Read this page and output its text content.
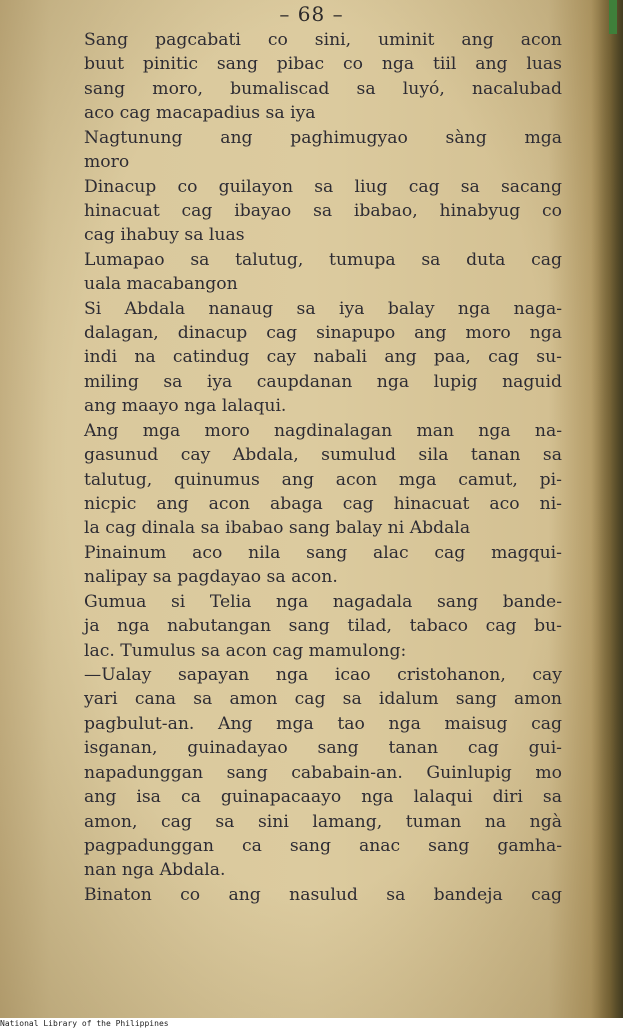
– 68 –
Sang pagcabati co sini, uminit ang acon
buut pinitic sang pibac co nga tiil ang luas
sang moro, bumaliscad sa luyó, nacalubad
aco cag macapadius sa iya
Nagtunung ang paghimugyao sàng mga
moro
Dinacup co guilayon sa liug cag sa sacang
hinacuat cag ibayao sa ibabao, hinabyug co
cag ihabuy sa luas
Lumapao sa talutug, tumupa sa duta cag
uala macabangon
Si Abdala nanaug sa iya balay nga naga-
dalagan, dinacup cag sinapupo ang moro nga
indi na catindug cay nabali ang paa, cag su-
miling sa iya caupdanan nga lupig naguid
ang maayo nga lalaqui.
Ang mga moro nagdinalagan man nga na-
gasunud cay Abdala, sumulud sila tanan sa
talutug, quinumus ang acon mga camut, pi-
nicpic ang acon abaga cag hinacuat aco ni-
la cag dinala sa ibabao sang balay ni Abdala
Pinainum aco nila sang alac cag magqui-
nalipay sa pagdayao sa acon.
Gumua si Telia nga nagadala sang bande-
ja nga nabutangan sang tilad, tabaco cag bu-
lac. Tumulus sa acon cag mamulong:
—Ualay sapayan nga icao cristohanon, cay
yari cana sa amon cag sa idalum sang amon
pagbulut-an. Ang mga tao nga maisug cag
isganan, guinadayao sang tanan cag gui-
napadunggan sang cababain-an. Guinlupig mo
ang isa ca guinapacaayo nga lalaqui diri sa
amon, cag sa sini lamang, tuman na ngà
pagpadunggan ca sang anac sang gamha-
nan nga Abdala.
Binaton co ang nasulud sa bandeja cag
National Library of the Philippines
